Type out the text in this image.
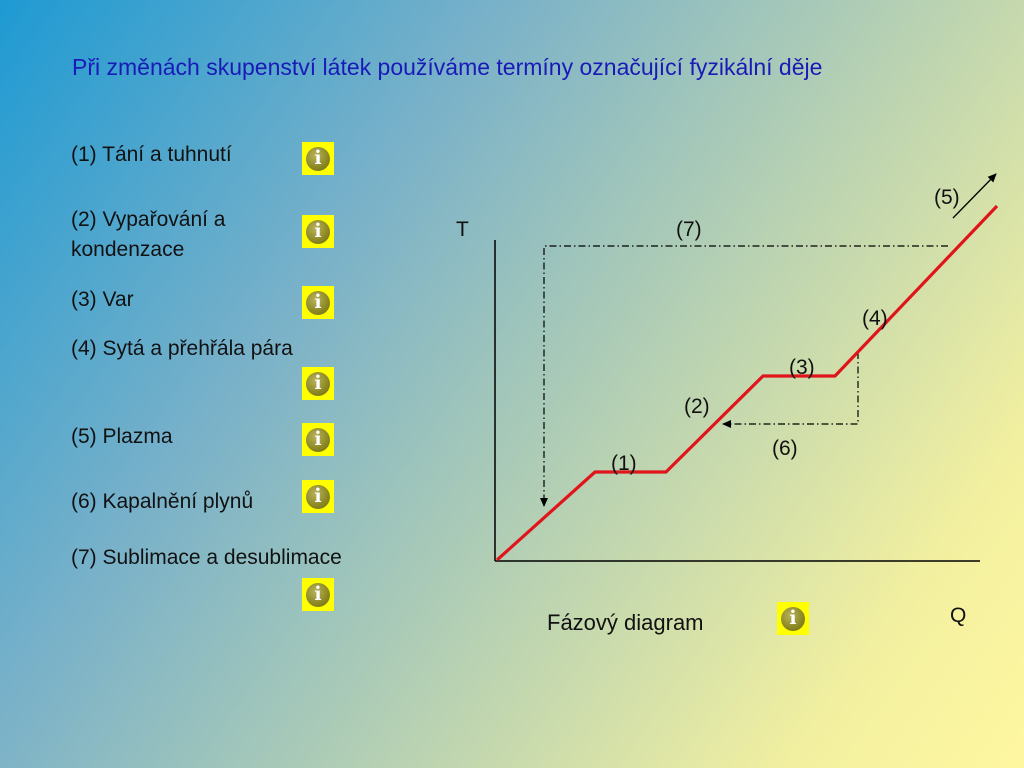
Při změnách skupenství látek používáme termíny označující fyzikální děje
(1) Tání a tuhnutí	i
(2) Vypařování a kondenzace
i
(3) Var	i
(4) Sytá a přehřála pára
i
(5) Plazma	i
(6) Kapalnění plynů	i
(7) Sublimace a desublimace
i
T
Q
(1)
(2)
(3)
(4)
(5)
(6)
(7)
Fázový diagram	i
